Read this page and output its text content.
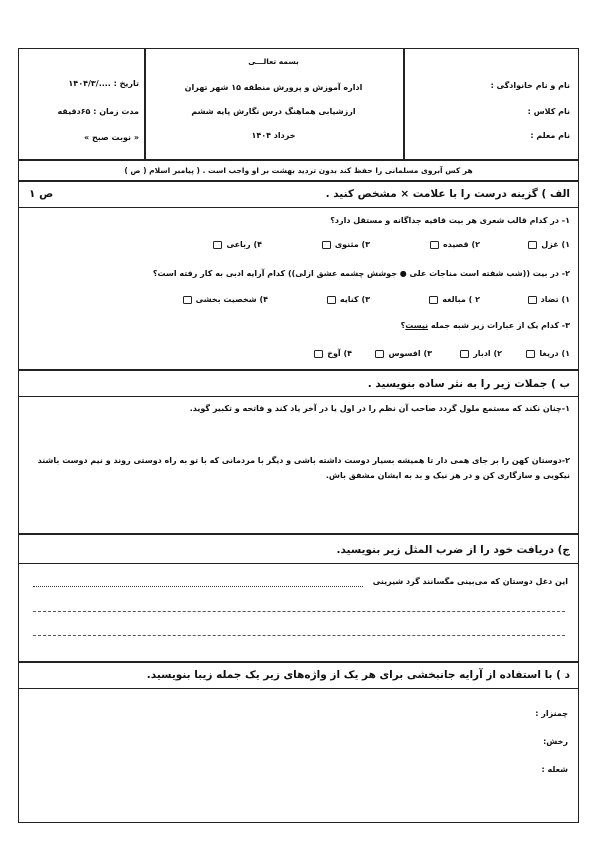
نام و نام خانوادگی :
نام کلاس :
نام معلم :
بسمه تعالـــی
اداره آموزش و پرورش منطقه ۱۵ شهر تهران
ارزشیابی هماهنگ درس نگارش پایه ششم
خرداد ۱۴۰۴
تاریخ : ..../۱۴۰۴/۳
مدت زمان : ۶۵دقیقه
« نوبت صبح »
هر کس آبروی مسلمانی را حفظ کند بدون تردید بهشت بر او واجب است . ( پیامبر اسلام ( ص )
الف ) گزینه درست را با علامت × مشخص کنید .
ص ۱
۱- در کدام قالب شعری هر بیت قافیه جداگانه و مستقل دارد؟
۱) غزل
۲) قصیده
۳) مثنوی
۴) رباعی
۲- در بیت ((شب شفته است مناجات علی ● جوشش چشمه عشق ازلی)) کدام آرایه ادبی به کار رفته است؟
۱) تضاد
۲ ) مبالغه
۳) کنایه
۴) شخصیت بخشی
۳- کدام یک از عبارات زیر شبه جمله نیست؟
۱) دریغا
۲) ادبار
۳) افسوس
۴) آوخ
ب ) جملات زیر را به نثر ساده بنویسید .
۱-چنان نکند که مستمع ملول گردد صاحب آن نظم را در اول یا در آخر یاد کند و فاتحه و تکبیر گوید.
۲-دوستان کهن را بر جای همی دار تا همیشه بسیار دوست داشته باشی و دیگر با مردمانی که با تو به راه دوستی روند و نیم دوست باشند نیکویی و سازگاری کن و در هر نیک و بد به ایشان مشفق باش.
ج) دریافت خود را از ضرب المثل زیر بنویسید.
این دغل دوستان که می‌بینی مگسانند گرد شیرینی
د ) با استفاده از آرایه جانبخشی برای هر یک از واژه‌های زیر یک جمله زیبا بنویسید.
چمنزار :
رخش:
شعله :
